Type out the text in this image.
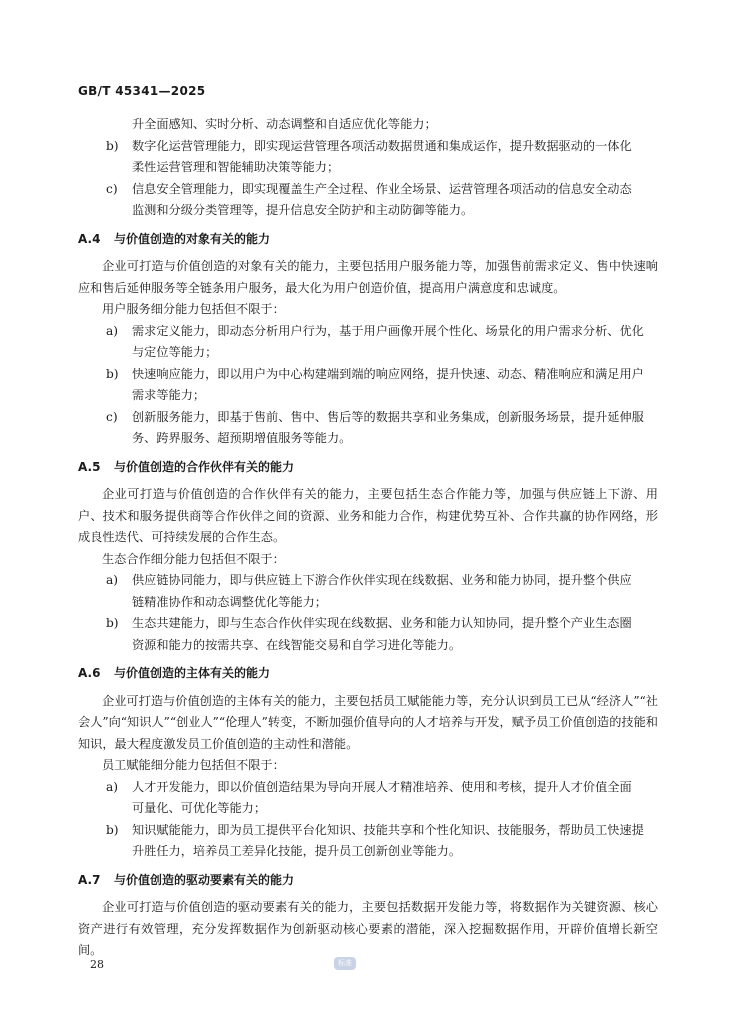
GB/T 45341—2025

升全面感知、实时分析、动态调整和自适应优化等能力；

b)	数字化运营管理能力，即实现运营管理各项活动数据贯通和集成运作，提升数据驱动的一体化
柔性运营管理和智能辅助决策等能力；
c)	信息安全管理能力，即实现覆盖生产全过程、作业全场景、运营管理各项活动的信息安全动态
监测和分级分类管理等，提升信息安全防护和主动防御等能力。
A.4	与价值创造的对象有关的能力

企业可打造与价值创造的对象有关的能力，主要包括用户服务能力等，加强售前需求定义、售中快速响应和售后延伸服务等全链条用户服务，最大化为用户创造价值，提高用户满意度和忠诚度。

用户服务细分能力包括但不限于：

a)	需求定义能力，即动态分析用户行为，基于用户画像开展个性化、场景化的用户需求分析、优化
与定位等能力；
b)	快速响应能力，即以用户为中心构建端到端的响应网络，提升快速、动态、精准响应和满足用户
需求等能力；
c)	创新服务能力，即基于售前、售中、售后等的数据共享和业务集成，创新服务场景，提升延伸服
务、跨界服务、超预期增值服务等能力。
A.5	与价值创造的合作伙伴有关的能力

企业可打造与价值创造的合作伙伴有关的能力，主要包括生态合作能力等，加强与供应链上下游、用户、技术和服务提供商等合作伙伴之间的资源、业务和能力合作，构建优势互补、合作共赢的协作网络，形成良性迭代、可持续发展的合作生态。

生态合作细分能力包括但不限于：

a)	供应链协同能力，即与供应链上下游合作伙伴实现在线数据、业务和能力协同，提升整个供应
链精准协作和动态调整优化等能力；
b)	生态共建能力，即与生态合作伙伴实现在线数据、业务和能力认知协同，提升整个产业生态圈
资源和能力的按需共享、在线智能交易和自学习进化等能力。
A.6	与价值创造的主体有关的能力

企业可打造与价值创造的主体有关的能力，主要包括员工赋能能力等，充分认识到员工已从“经济人”“社会人”向“知识人”“创业人”“伦理人”转变，不断加强价值导向的人才培养与开发，赋予员工价值创造的技能和知识，最大程度激发员工价值创造的主动性和潜能。

员工赋能细分能力包括但不限于：

a)	人才开发能力，即以价值创造结果为导向开展人才精准培养、使用和考核，提升人才价值全面
可量化、可优化等能力；
b)	知识赋能能力，即为员工提供平台化知识、技能共享和个性化知识、技能服务，帮助员工快速提
升胜任力，培养员工差异化技能，提升员工创新创业等能力。
A.7	与价值创造的驱动要素有关的能力

企业可打造与价值创造的驱动要素有关的能力，主要包括数据开发能力等，将数据作为关键资源、核心资产进行有效管理，充分发挥数据作为创新驱动核心要素的潜能，深入挖掘数据作用，开辟价值增长新空间。

28	标准
